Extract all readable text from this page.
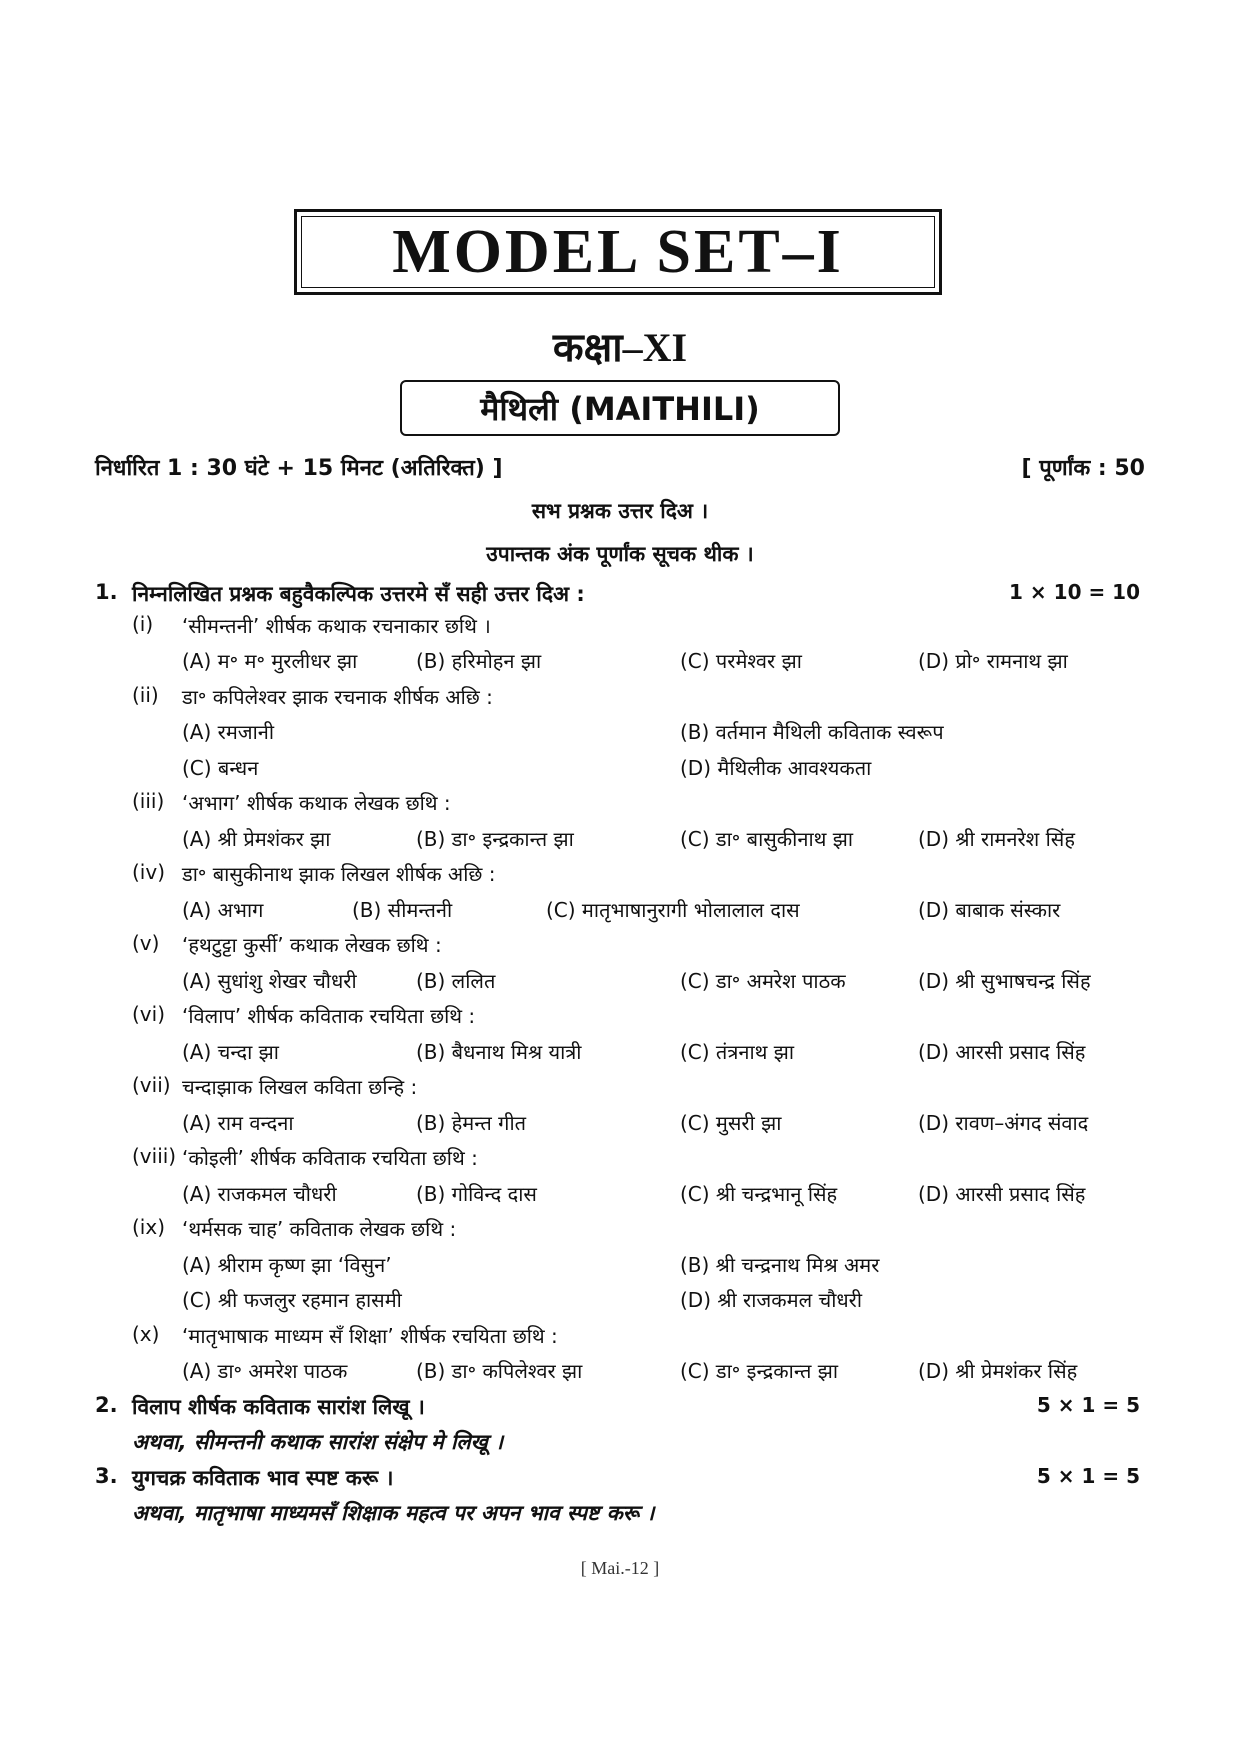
MODEL SET–I
कक्षा–XI
मैथिली (MAITHILI)
निर्धारित 1 : 30 घंटे + 15 मिनट (अतिरिक्त) ]	[ पूर्णांक : 50
सभ प्रश्नक उत्तर दिअ ।
उपान्तक अंक पूर्णांक सूचक थीक ।
1. निम्नलिखित प्रश्नक बहुवैकल्पिक उत्तरमे सँ सही उत्तर दिअ :	1 × 10 = 10
(i) ‘सीमन्तनी’ शीर्षक कथाक रचनाकार छथि ।
(A) म॰ म॰ मुरलीधर झा	(B) हरिमोहन झा	(C) परमेश्वर झा	(D) प्रो॰ रामनाथ झा
(ii) डा॰ कपिलेश्वर झाक रचनाक शीर्षक अछि :
(A) रमजानी	(B) वर्तमान मैथिली कविताक स्वरूप
(C) बन्धन	(D) मैथिलीक आवश्यकता
(iii) ‘अभाग’ शीर्षक कथाक लेखक छथि :
(A) श्री प्रेमशंकर झा	(B) डा॰ इन्द्रकान्त झा	(C) डा॰ बासुकीनाथ झा	(D) श्री रामनरेश सिंह
(iv) डा॰ बासुकीनाथ झाक लिखल शीर्षक अछि :
(A) अभाग	(B) सीमन्तनी	(C) मातृभाषानुरागी भोलालाल दास	(D) बाबाक संस्कार
(v) ‘हथटुट्टा कुर्सी’ कथाक लेखक छथि :
(A) सुधांशु शेखर चौधरी	(B) ललित	(C) डा॰ अमरेश पाठक	(D) श्री सुभाषचन्द्र सिंह
(vi) ‘विलाप’ शीर्षक कविताक रचयिता छथि :
(A) चन्दा झा	(B) बैधनाथ मिश्र यात्री	(C) तंत्रनाथ झा	(D) आरसी प्रसाद सिंह
(vii) चन्दाझाक लिखल कविता छन्हि :
(A) राम वन्दना	(B) हेमन्त गीत	(C) मुसरी झा	(D) रावण–अंगद संवाद
(viii) ‘कोइली’ शीर्षक कविताक रचयिता छथि :
(A) राजकमल चौधरी	(B) गोविन्द दास	(C) श्री चन्द्रभानू सिंह	(D) आरसी प्रसाद सिंह
(ix) ‘थर्मसक चाह’ कविताक लेखक छथि :
(A) श्रीराम कृष्ण झा ‘विसुन’	(B) श्री चन्द्रनाथ मिश्र अमर
(C) श्री फजलुर रहमान हासमी	(D) श्री राजकमल चौधरी
(x) ‘मातृभाषाक माध्यम सँ शिक्षा’ शीर्षक रचयिता छथि :
(A) डा॰ अमरेश पाठक	(B) डा॰ कपिलेश्वर झा	(C) डा॰ इन्द्रकान्त झा	(D) श्री प्रेमशंकर सिंह
2. विलाप शीर्षक कविताक सारांश लिखू ।	5 × 1 = 5
अथवा, सीमन्तनी कथाक सारांश संक्षेप मे लिखू ।
3. युगचक्र कविताक भाव स्पष्ट करू ।	5 × 1 = 5
अथवा, मातृभाषा माध्यमसँ शिक्षाक महत्व पर अपन भाव स्पष्ट करू ।
[ Mai.-12 ]
